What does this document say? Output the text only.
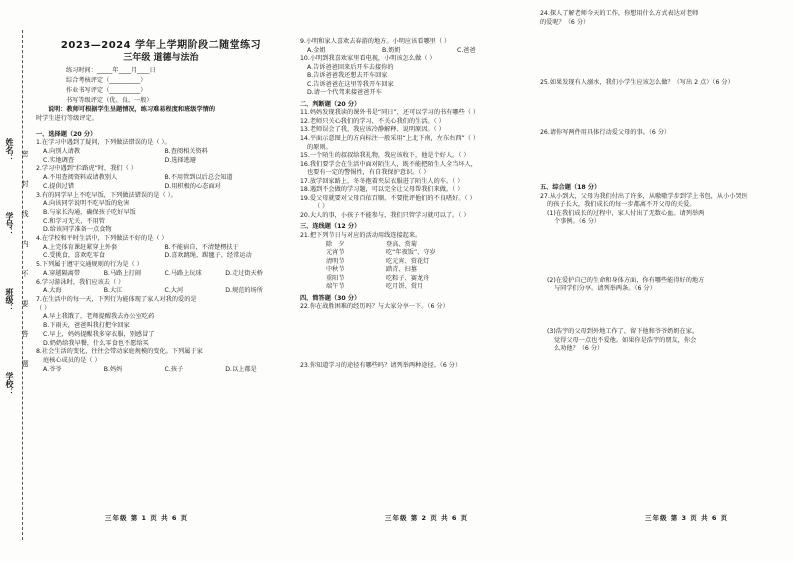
姓名：
学号：
班级：
学校：
密
封
线
内
不
要
答
题
2023—2024 学年上学期阶段二随堂练习
三年级 道德与法治
练习时间：_____年____月____日
综合考核评定（__________）
作业书写评定（__________）
书写等级评定（优、良、一般）
说明：教师可根据学生呈题情况，练习难易程度和班级学情的
时学生进行等级评定。
一、选择题（20 分）
1.在学习中遇到了疑问，下列做法错误的是（ ）。
A.向别人请教	B.查阅相关资料
C.实地调查	D.选择逃避
2.学习中遇到“拦路虎”时，我们（ ）
A.不用查阅资料或请教别人	B.不用管到以后总会知道
C.提供过错	D.用积极的心态面对
3.有的同学早上不吃早饭，下列做法错误的是（ ）。
A.向该同学说明不吃早饭的危害
B.与家长沟通，确保孩子吃好早饭
C.和学习无关，不用管
D.给该同学准备一点食物
4.在学校和平时生活中，下列做法不好的是（ ）
A.上完体育课赶紧穿上外套	B.不能宿自，不清楚楞扶于
C.受挑食，喜欢吃零食	D.喜欢跳绳、踢毽子、经常运动
5.下列属于遵守交通规则的行为是（ ）
A.穿越隔离带	B.马路上打闹	C.马路上玩球	D.走过街天桥
6.学习游泳时，我们应该去（ ）
A.大海	B.大江	C.大河	D.规范的场所
7.在生活中的每一天，下列行为能体现了家人对我的爱的是
（ ）
A.早上我饿了，老师提醒我去办公室吃药
B.下雨天，爸爸叫我打把伞回家
C.早上，妈妈提醒我多穿衣服，别感冒了
D.奶奶给我早餐，什么零食也不愿给买
8.社会生活的变化，往往会带动家庭规模的变化。下列属于家
庭核心成员的是（ ）
A.爷爷	B.妈妈	C.孩子	D.以上都是
9.小明和家人喜欢去春游的地方。小明应该看哪里（ ）
A.金姐	B.奶奶	C.爸爸
10.小明到我喜欢家里看电视，小明该怎么做（ ）
A.告诉爸爸回来后开车去接你的
B.告诉爸爸我还想去开车回家
C.告诉爸爸在这里等我开车回家
D.请一个代驾来接爸爸开车
二、判断题（20 分）
11.妈妈发现我读的课外书是“同日”，还可以学习的书有哪些（ ）
12.老师只关心我们的学习，不关心我们的生活。（ ）
13.老师误会了我，我应该冷静解释、说明原因。（ ）
14.平面示意图上的方向标注一般采用“上北下南，左东右西”（ ）
的原则。
15.一个陌生的叔叔给我礼物，我应该收下，他是个好人。（ ）
16.我们要学会在生活中面对陌生人，既不能把陌生人全当坏人，
也要有一定的警惕性，有自我保护意识。（ ）
17.放学回家路上，冬冬抱着夹层衣服进了陌生人的车。（ ）
18.遇到不会做的学习题，可以完全让父母帮我们来做。（ ）
19.爱父母就要对父母百依百顺，不要批评他们的不良嗜好。（ ）
（ ）
20.大人的事，小孩子不能参与，我们只管学习就可以了。（ ）
三、连线题（12 分）
21.把下列节日与对应的活动用线连接起来。
除　夕	登高、赏菊
元宵节	吃“年夜饭”、守岁
清明节	吃元宵、赏花灯
中秋节	踏青、扫墓
重阳节	吃粽子、赛龙舟
端午节	吃月饼、赏月
四、简答题（30 分）
22.你在战胜困难的经历吗？与大家分享一下。（6 分）
23.你知道学习的途径有哪些吗？请列举两种途径。（6 分）
24.探人了解老师今天的工作，你想用什么方式表达对老师
的爱呢？（6 分）
25.如果发现有人溺水，我们小学生应该怎么做？（写出 2 点）（6 分）
26.请你写两件用具体行动爱父母的事。（6 分）
五、综合题（18 分）
27.从小到大，父母为我们付出了许多，从嗷嗷学步到学上书包，从小小哭医
的孩子长大，我们成长的每一步都离不开父母的关爱。
(1)在我们成长的过程中，家人付出了无数心血。请列举两
个事例。（6 分）
(2)在爱护自己的生命和身体方面，你有哪些能得好的地方
与同学们分享。请列举两条。（6 分）
(3)浩宇的父母到外地工作了，留下他和爷爷奶奶在家。
觉得父母一点也不爱他。如果你是浩宇的朋友，你会
么劝他？（6 分）
三年级 第 1 页 共 6 页	三年级 第 2 页 共 6 页	三年级 第 3 页 共 6 页
